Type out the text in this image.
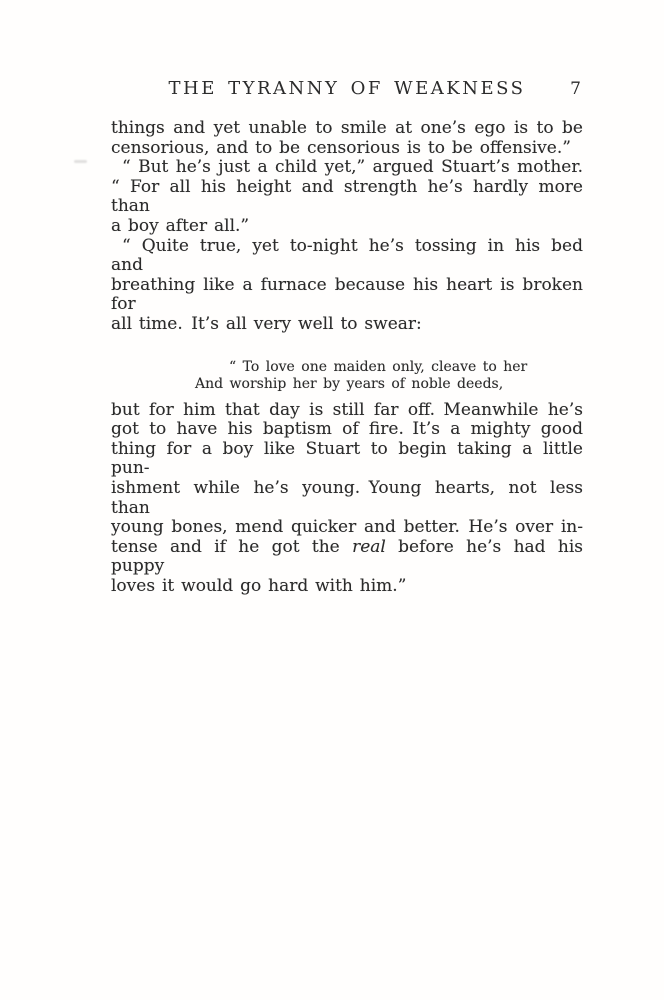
THE TYRANNY OF WEAKNESS	7
things and yet unable to smile at one’s ego is to be
censorious, and to be censorious is to be offensive.”
“ But he’s just a child yet,” argued Stuart’s mother.
“ For all his height and strength he’s hardly more than
a boy after all.”
“ Quite true, yet to-night he’s tossing in his bed and
breathing like a furnace because his heart is broken for
all time. It’s all very well to swear:
“ To love one maiden only, cleave to her
And worship her by years of noble deeds,
but for him that day is still far off. Meanwhile he’s
got to have his baptism of fire. It’s a mighty good
thing for a boy like Stuart to begin taking a little pun-
ishment while he’s young. Young hearts, not less than
young bones, mend quicker and better. He’s over in-
tense and if he got the real before he’s had his puppy
loves it would go hard with him.”
